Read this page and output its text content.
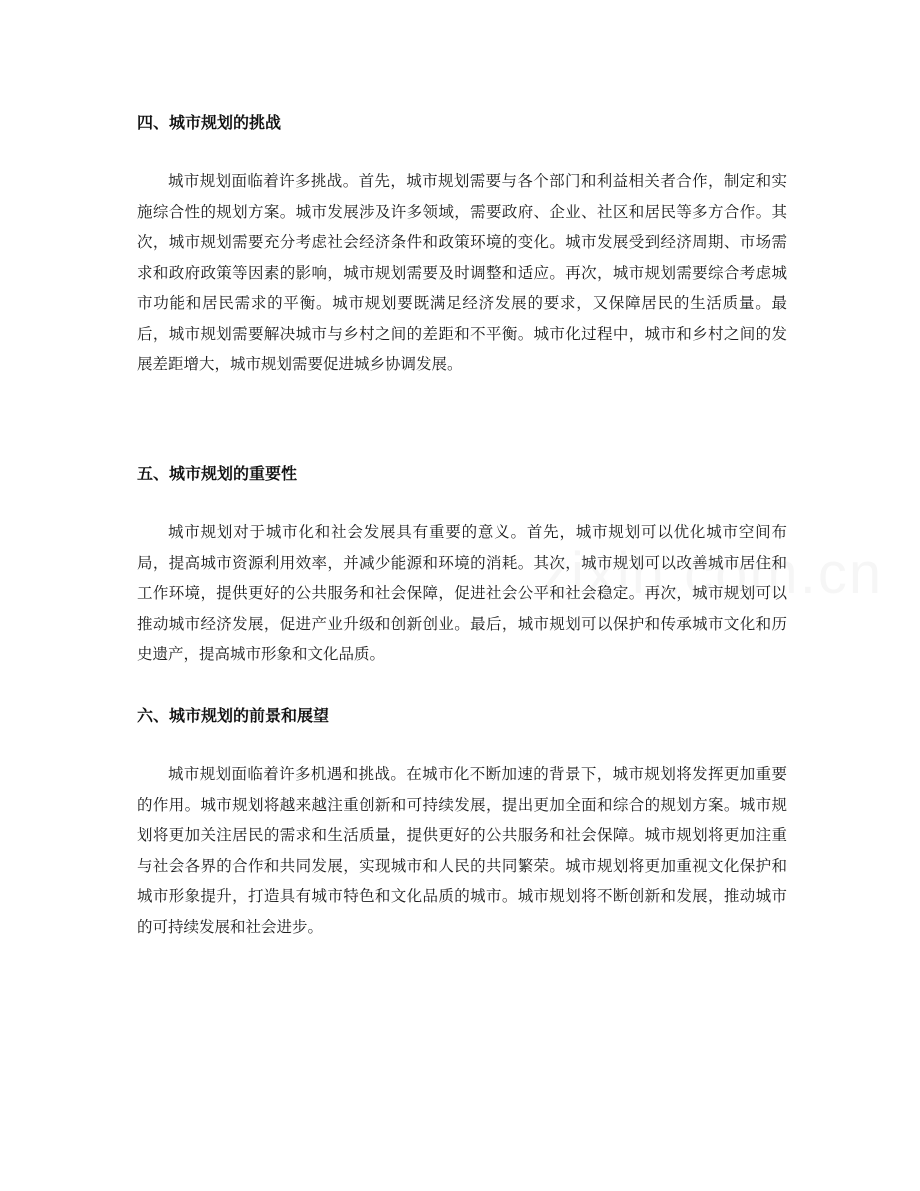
四、城市规划的挑战

城市规划面临着许多挑战。首先，城市规划需要与各个部门和利益相关者合作，制定和实施综合性的规划方案。城市发展涉及许多领域，需要政府、企业、社区和居民等多方合作。其次，城市规划需要充分考虑社会经济条件和政策环境的变化。城市发展受到经济周期、市场需求和政府政策等因素的影响，城市规划需要及时调整和适应。再次，城市规划需要综合考虑城市功能和居民需求的平衡。城市规划要既满足经济发展的要求，又保障居民的生活质量。最后，城市规划需要解决城市与乡村之间的差距和不平衡。城市化过程中，城市和乡村之间的发展差距增大，城市规划需要促进城乡协调发展。

五、城市规划的重要性

城市规划对于城市化和社会发展具有重要的意义。首先，城市规划可以优化城市空间布局，提高城市资源利用效率，并减少能源和环境的消耗。其次，城市规划可以改善城市居住和工作环境，提供更好的公共服务和社会保障，促进社会公平和社会稳定。再次，城市规划可以推动城市经济发展，促进产业升级和创新创业。最后，城市规划可以保护和传承城市文化和历史遗产，提高城市形象和文化品质。

六、城市规划的前景和展望

城市规划面临着许多机遇和挑战。在城市化不断加速的背景下，城市规划将发挥更加重要的作用。城市规划将越来越注重创新和可持续发展，提出更加全面和综合的规划方案。城市规划将更加关注居民的需求和生活质量，提供更好的公共服务和社会保障。城市规划将更加注重与社会各界的合作和共同发展，实现城市和人民的共同繁荣。城市规划将更加重视文化保护和城市形象提升，打造具有城市特色和文化品质的城市。城市规划将不断创新和发展，推动城市的可持续发展和社会进步。
